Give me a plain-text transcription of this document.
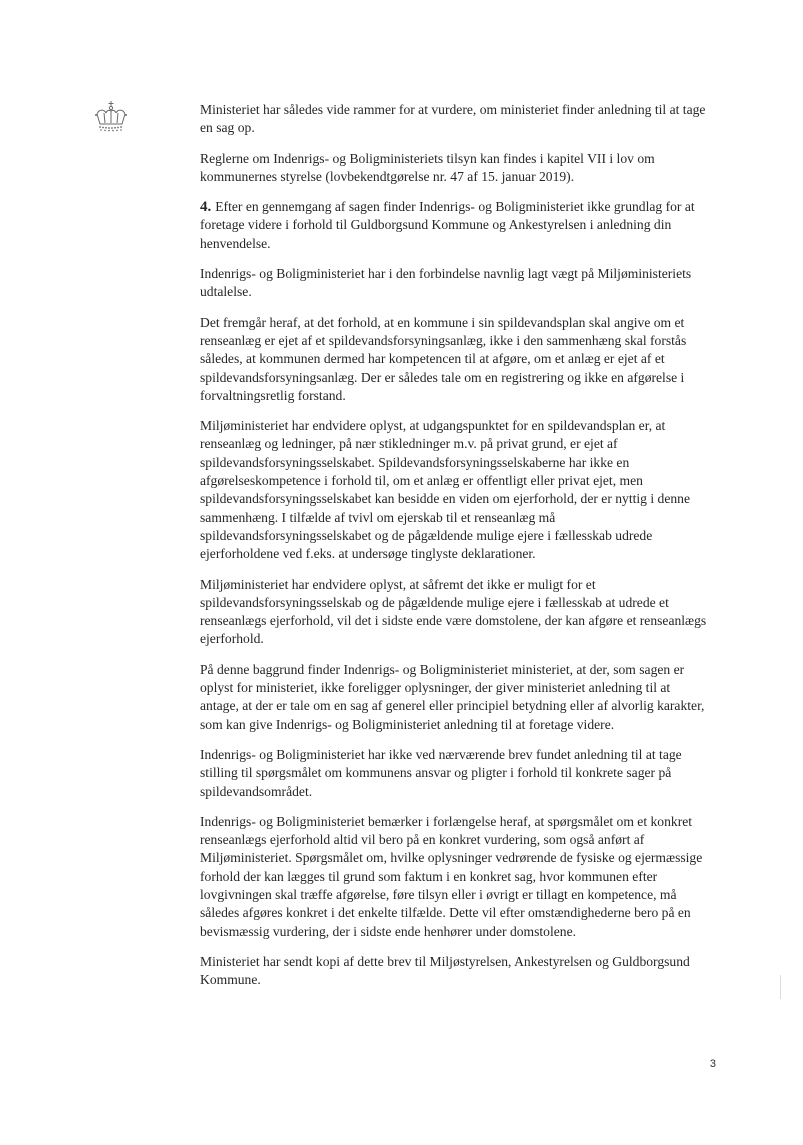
Ministeriet har således vide rammer for at vurdere, om ministeriet finder anledning til at tage en sag op.

Reglerne om Indenrigs- og Boligministeriets tilsyn kan findes i kapitel VII i lov om kommunernes styrelse (lovbekendtgørelse nr. 47 af 15. januar 2019).

4. Efter en gennemgang af sagen finder Indenrigs- og Boligministeriet ikke grundlag for at foretage videre i forhold til Guldborgsund Kommune og Ankestyrelsen i anledning din henvendelse.

Indenrigs- og Boligministeriet har i den forbindelse navnlig lagt vægt på Miljøministeriets udtalelse.

Det fremgår heraf, at det forhold, at en kommune i sin spildevandsplan skal angive om et renseanlæg er ejet af et spildevandsforsyningsanlæg, ikke i den sammenhæng skal forstås således, at kommunen dermed har kompetencen til at afgøre, om et anlæg er ejet af et spildevandsforsyningsanlæg. Der er således tale om en registrering og ikke en afgørelse i forvaltningsretlig forstand.

Miljøministeriet har endvidere oplyst, at udgangspunktet for en spildevandsplan er, at renseanlæg og ledninger, på nær stikledninger m.v. på privat grund, er ejet af spildevandsforsyningsselskabet. Spildevandsforsyningsselskaberne har ikke en afgørelseskompetence i forhold til, om et anlæg er offentligt eller privat ejet, men spildevandsforsyningsselskabet kan besidde en viden om ejerforhold, der er nyttig i denne sammenhæng. I tilfælde af tvivl om ejerskab til et renseanlæg må spildevandsforsyningsselskabet og de pågældende mulige ejere i fællesskab udrede ejerforholdene ved f.eks. at undersøge tinglyste deklarationer.

Miljøministeriet har endvidere oplyst, at såfremt det ikke er muligt for et spildevandsforsyningsselskab og de pågældende mulige ejere i fællesskab at udrede et renseanlægs ejerforhold, vil det i sidste ende være domstolene, der kan afgøre et renseanlægs ejerforhold.

På denne baggrund finder Indenrigs- og Boligministeriet ministeriet, at der, som sagen er oplyst for ministeriet, ikke foreligger oplysninger, der giver ministeriet anledning til at antage, at der er tale om en sag af generel eller principiel betydning eller af alvorlig karakter, som kan give Indenrigs- og Boligministeriet anledning til at foretage videre.

Indenrigs- og Boligministeriet har ikke ved nærværende brev fundet anledning til at tage stilling til spørgsmålet om kommunens ansvar og pligter i forhold til konkrete sager på spildevandsområdet.

Indenrigs- og Boligministeriet bemærker i forlængelse heraf, at spørgsmålet om et konkret renseanlægs ejerforhold altid vil bero på en konkret vurdering, som også anført af Miljøministeriet. Spørgsmålet om, hvilke oplysninger vedrørende de fysiske og ejermæssige forhold der kan lægges til grund som faktum i en konkret sag, hvor kommunen efter lovgivningen skal træffe afgørelse, føre tilsyn eller i øvrigt er tillagt en kompetence, må således afgøres konkret i det enkelte tilfælde. Dette vil efter omstændighederne bero på en bevismæssig vurdering, der i sidste ende henhører under domstolene.

Ministeriet har sendt kopi af dette brev til Miljøstyrelsen, Ankestyrelsen og Guldborgsund Kommune.

3
